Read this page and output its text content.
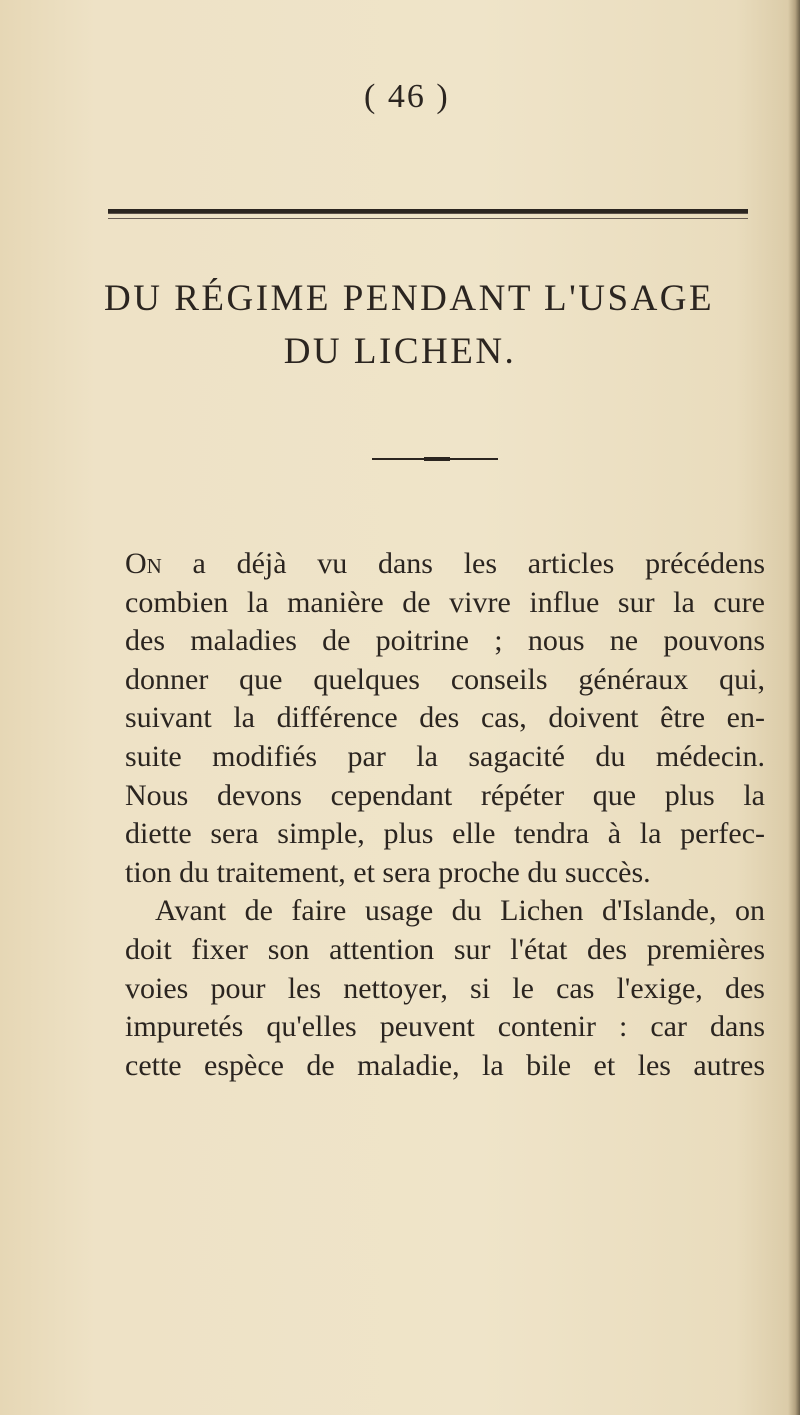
( 46 )
DU RÉGIME PENDANT L'USAGE
DU LICHEN.
On a déjà vu dans les articles précédens
combien la manière de vivre influe sur la cure
des maladies de poitrine ; nous ne pouvons
donner que quelques conseils généraux qui,
suivant la différence des cas, doivent être en-
suite modifiés par la sagacité du médecin.
Nous devons cependant répéter que plus la
diette sera simple, plus elle tendra à la perfec-
tion du traitement, et sera proche du succès.
Avant de faire usage du Lichen d'Islande, on
doit fixer son attention sur l'état des premières
voies pour les nettoyer, si le cas l'exige, des
impuretés qu'elles peuvent contenir : car dans
cette espèce de maladie, la bile et les autres
